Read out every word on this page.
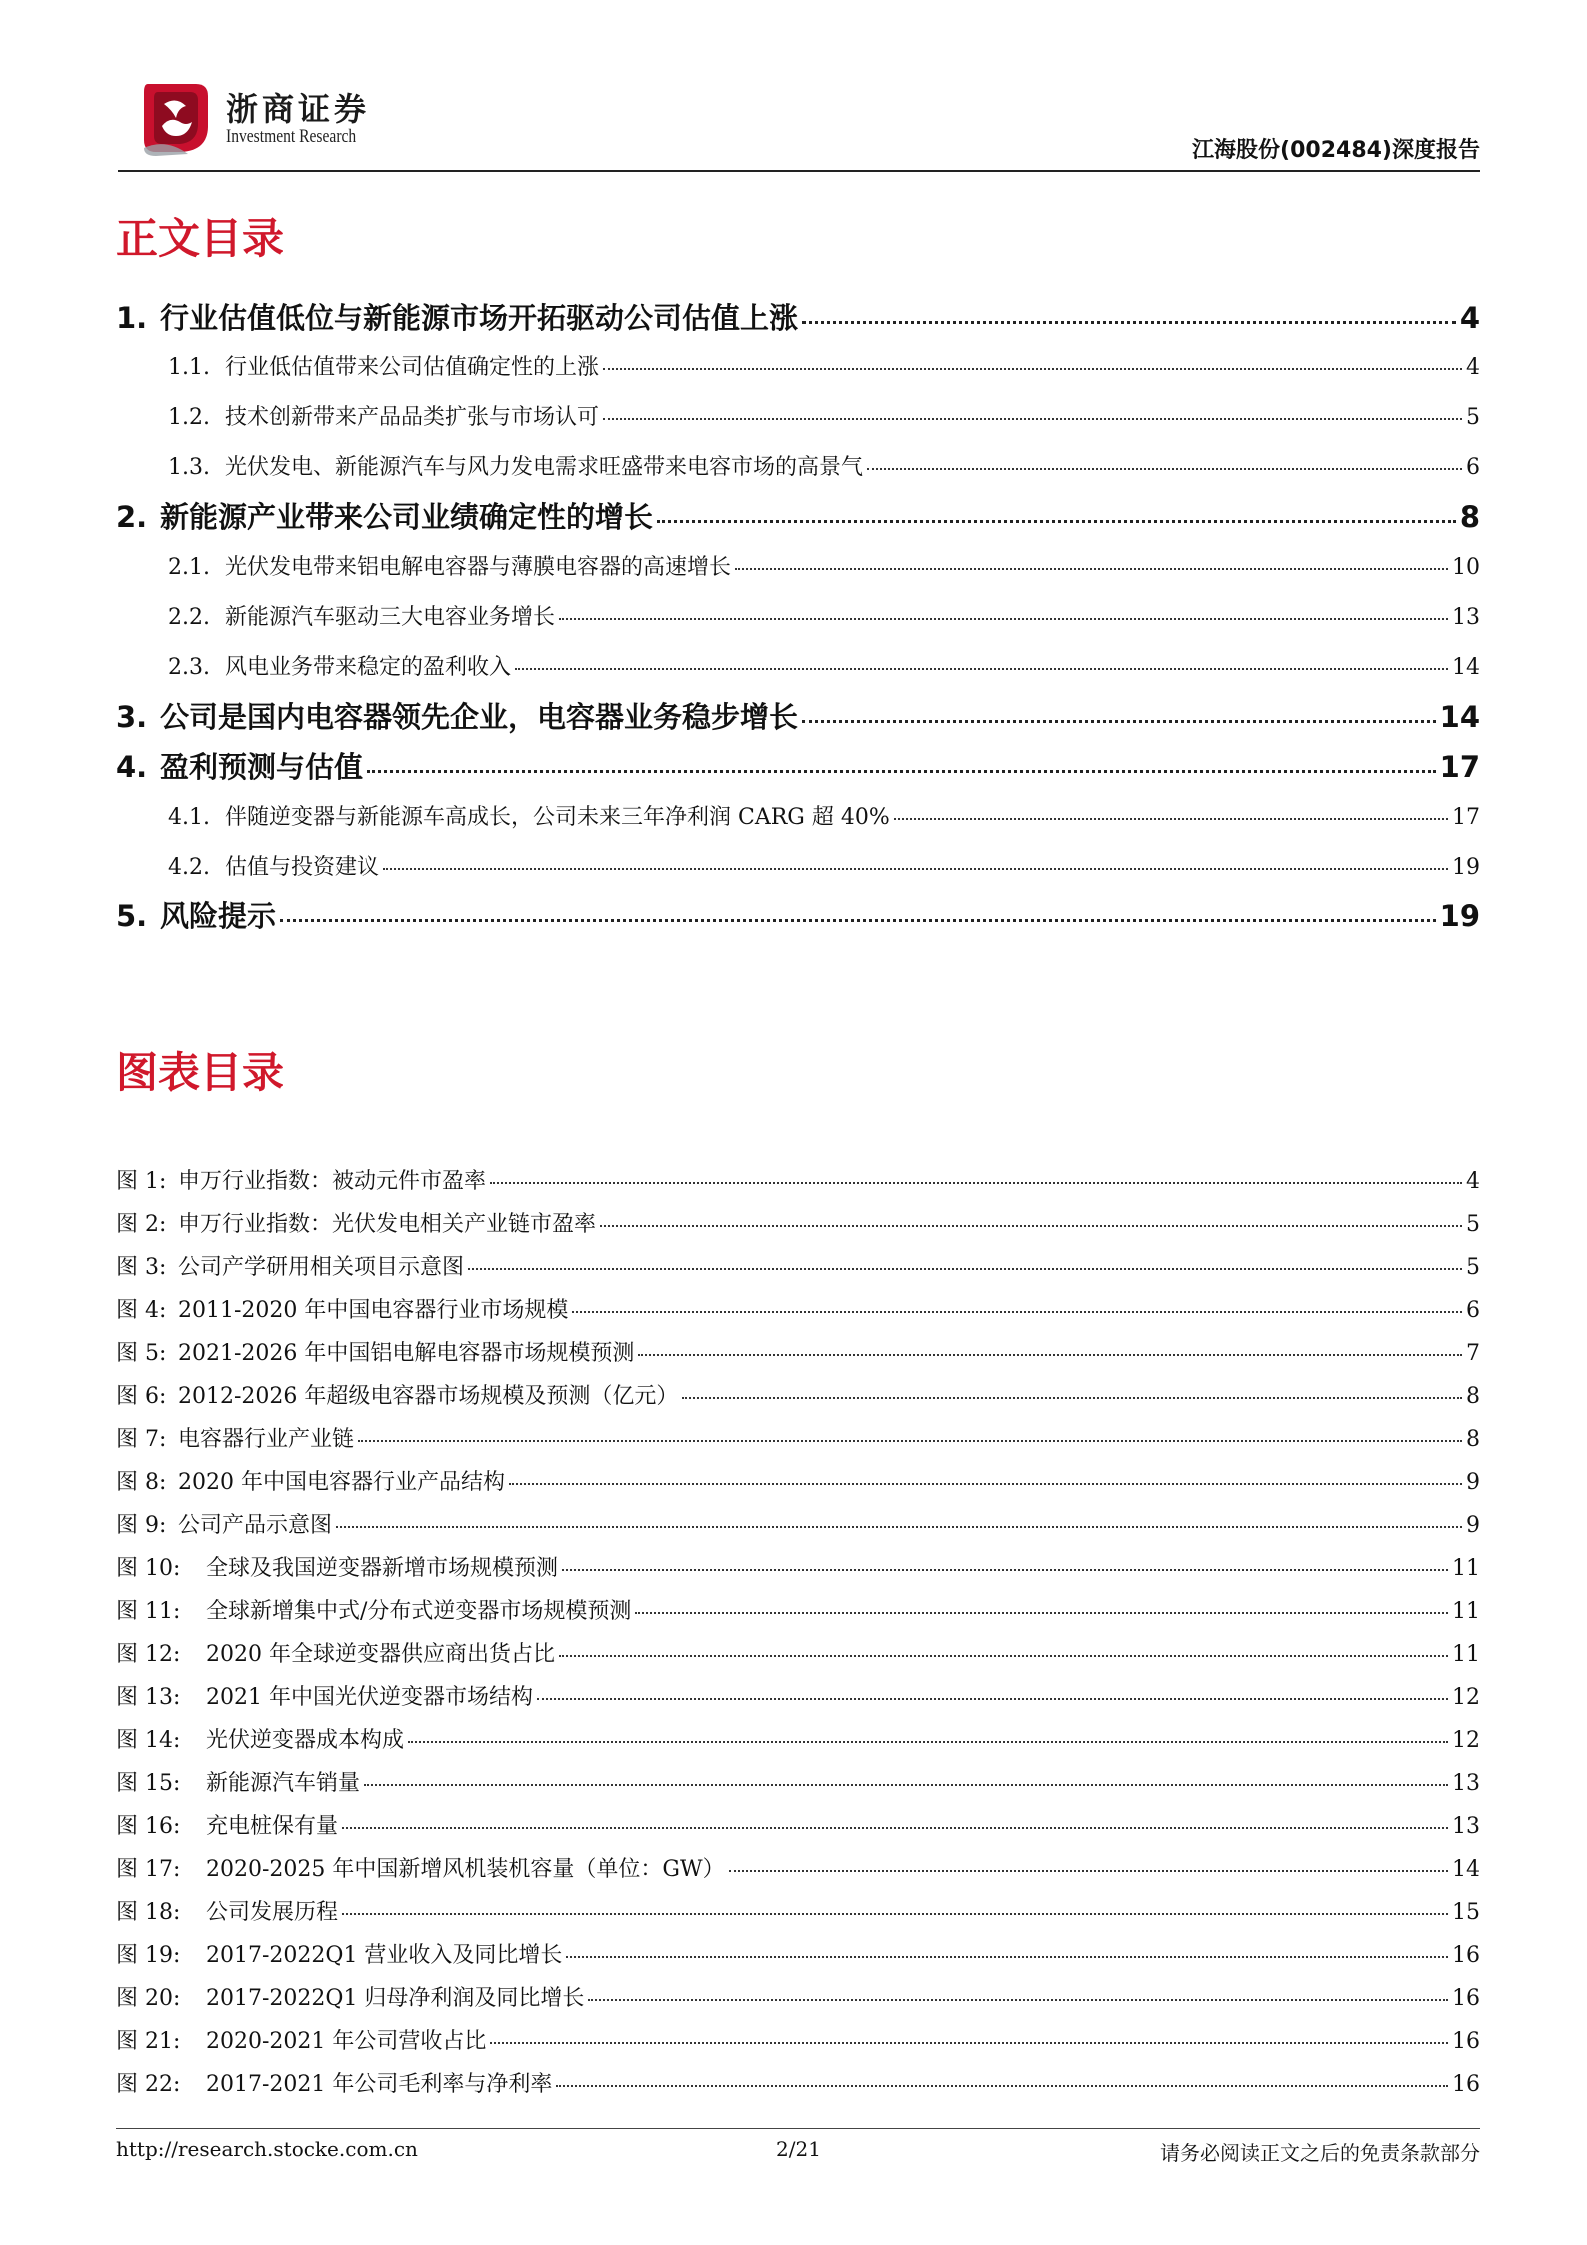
浙商证券
Investment Research
江海股份(002484)深度报告
正文目录
1. 行业估值低位与新能源市场开拓驱动公司估值上涨	4
1.1. 行业低估值带来公司估值确定性的上涨	4
1.2. 技术创新带来产品品类扩张与市场认可	5
1.3. 光伏发电、新能源汽车与风力发电需求旺盛带来电容市场的高景气	6
2. 新能源产业带来公司业绩确定性的增长	8
2.1. 光伏发电带来铝电解电容器与薄膜电容器的高速增长	10
2.2. 新能源汽车驱动三大电容业务增长	13
2.3. 风电业务带来稳定的盈利收入	14
3. 公司是国内电容器领先企业，电容器业务稳步增长	14
4. 盈利预测与估值	17
4.1. 伴随逆变器与新能源车高成长，公司未来三年净利润 CARG 超 40%	17
4.2. 估值与投资建议	19
5. 风险提示	19
图表目录
图 1: 申万行业指数：被动元件市盈率	4
图 2: 申万行业指数：光伏发电相关产业链市盈率	5
图 3: 公司产学研用相关项目示意图	5
图 4: 2011-2020 年中国电容器行业市场规模	6
图 5: 2021-2026 年中国铝电解电容器市场规模预测	7
图 6: 2012-2026 年超级电容器市场规模及预测（亿元）	8
图 7: 电容器行业产业链	8
图 8: 2020 年中国电容器行业产品结构	9
图 9: 公司产品示意图	9
图 10:	全球及我国逆变器新增市场规模预测	11
图 11:	全球新增集中式/分布式逆变器市场规模预测	11
图 12:	2020 年全球逆变器供应商出货占比	11
图 13:	2021 年中国光伏逆变器市场结构	12
图 14:	光伏逆变器成本构成	12
图 15:	新能源汽车销量	13
图 16:	充电桩保有量	13
图 17:	2020-2025 年中国新增风机装机容量（单位：GW）	14
图 18:	公司发展历程	15
图 19:	2017-2022Q1 营业收入及同比增长	16
图 20:	2017-2022Q1 归母净利润及同比增长	16
图 21:	2020-2021 年公司营收占比	16
图 22:	2017-2021 年公司毛利率与净利率	16
http://research.stocke.com.cn	2/21	请务必阅读正文之后的免责条款部分
